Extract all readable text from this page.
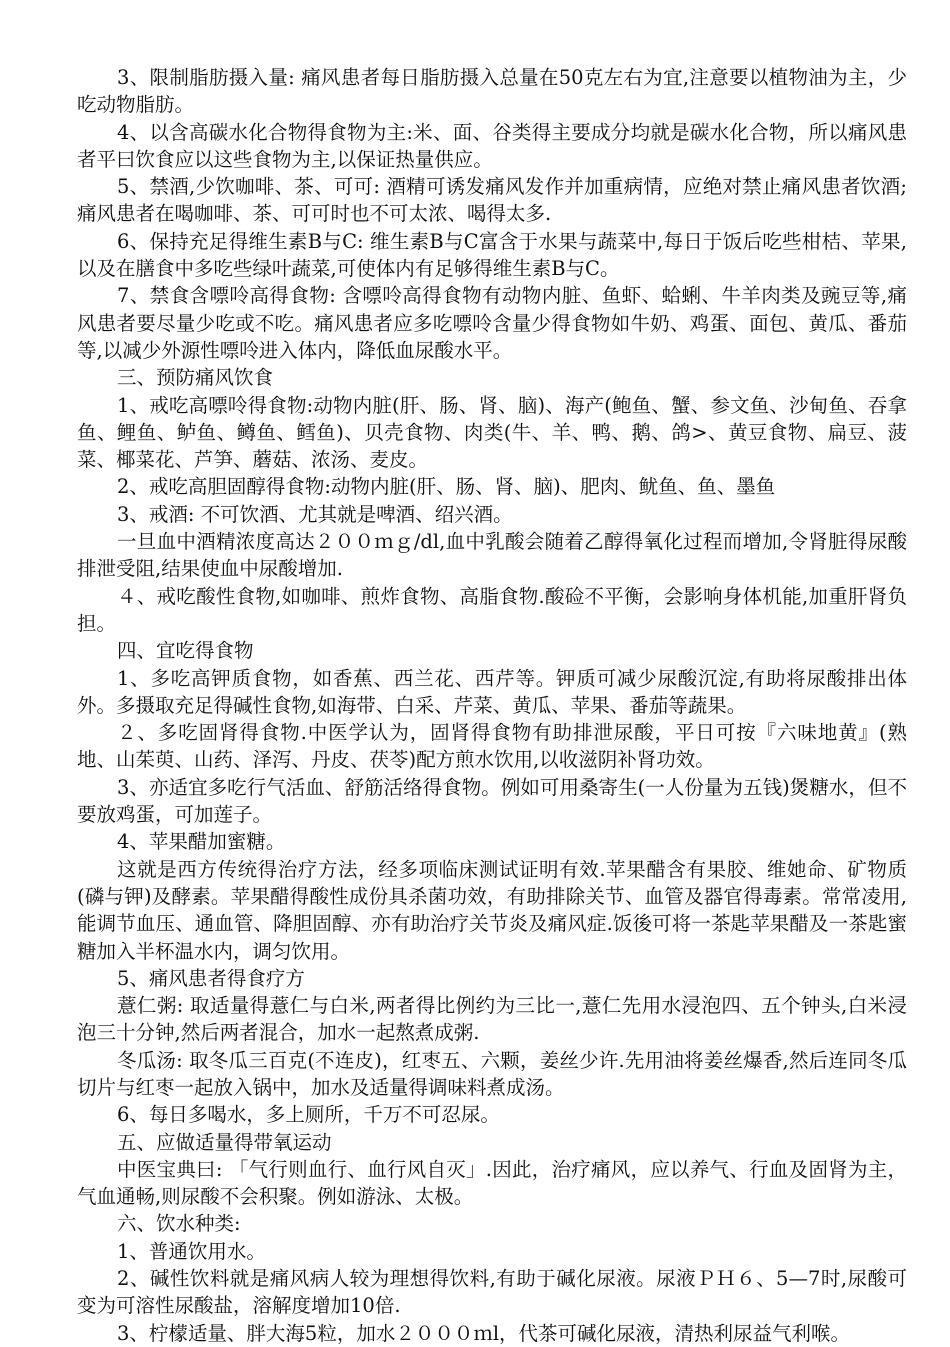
3、限制脂肪摄入量: 痛风患者每日脂肪摄入总量在50克左右为宜,注意要以植物油为主，少吃动物脂肪。

4、以含高碳水化合物得食物为主:米、面、谷类得主要成分均就是碳水化合物，所以痛风患者平曰饮食应以这些食物为主,以保证热量供应。

5、禁酒,少饮咖啡、茶、可可: 酒精可诱发痛风发作并加重病情，应绝对禁止痛风患者饮酒;痛风患者在喝咖啡、茶、可可时也不可太浓、喝得太多.

6、保持充足得维生素B与C: 维生素B与C富含于水果与蔬菜中,每日于饭后吃些柑桔、苹果,以及在膳食中多吃些绿叶蔬菜,可使体内有足够得维生素B与C。

7、禁食含嘌呤高得食物: 含嘌呤高得食物有动物内脏、鱼虾、蛤蜊、牛羊肉类及豌豆等,痛风患者要尽量少吃或不吃。痛风患者应多吃嘌呤含量少得食物如牛奶、鸡蛋、面包、黄瓜、番茄等,以减少外源性嘌呤进入体内，降低血尿酸水平。

三、预防痛风饮食

1、戒吃高嘌呤得食物:动物内脏(肝、肠、肾、脑)、海产(鲍鱼、蟹、参文鱼、沙甸鱼、吞拿鱼、鲤鱼、鲈鱼、鳟鱼、鳕鱼)、贝壳食物、肉类(牛、羊、鸭、鹅、鸽>、黄豆食物、扁豆、菠菜、椰菜花、芦笋、蘑菇、浓汤、麦皮。

2、戒吃高胆固醇得食物:动物内脏(肝、肠、肾、脑)、肥肉、鱿鱼、鱼、墨鱼

3、戒酒: 不可饮酒、尤其就是啤酒、绍兴酒。

一旦血中酒精浓度高达２００ｍｇ/dl,血中乳酸会随着乙醇得氧化过程而增加,令肾脏得尿酸排泄受阻,结果使血中尿酸增加.

４、戒吃酸性食物,如咖啡、煎炸食物、高脂食物.酸硷不平衡，会影响身体机能,加重肝肾负担。

四、宜吃得食物

1、多吃高钾质食物，如香蕉、西兰花、西芹等。钾质可减少尿酸沉淀,有助将尿酸排出体外。多摄取充足得碱性食物,如海带、白采、芹菜、黄瓜、苹果、番茄等蔬果。

２、多吃固肾得食物.中医学认为，固肾得食物有助排泄尿酸，平日可按『六味地黄』(熟地、山茱萸、山药、泽泻、丹皮、茯苓)配方煎水饮用,以收滋阴补肾功效。

3、亦适宜多吃行气活血、舒筋活络得食物。例如可用桑寄生(一人份量为五钱)煲糖水，但不要放鸡蛋，可加莲子。

4、苹果醋加蜜糖。

这就是西方传统得治疗方法，经多项临床测试证明有效.苹果醋含有果胶、维她命、矿物质(磷与钾)及酵素。苹果醋得酸性成份具杀菌功效，有助排除关节、血管及器官得毒素。常常凌用,能调节血压、通血管、降胆固醇、亦有助治疗关节炎及痛风症.饭後可将一茶匙苹果醋及一茶匙蜜糖加入半杯温水内，调匀饮用。

5、痛风患者得食疗方

薏仁粥: 取适量得薏仁与白米,两者得比例约为三比一,薏仁先用水浸泡四、五个钟头,白米浸泡三十分钟,然后两者混合，加水一起熬煮成粥.

冬瓜汤: 取冬瓜三百克(不连皮)，红枣五、六颗，姜丝少许.先用油将姜丝爆香,然后连同冬瓜切片与红枣一起放入锅中，加水及适量得调味料煮成汤。

6、每日多喝水，多上厕所，千万不可忍尿。

五、应做适量得带氧运动

中医宝典曰: 「气行则血行、血行风自灭」.因此，治疗痛风，应以养气、行血及固肾为主，气血通畅,则尿酸不会积聚。例如游泳、太极。

六、饮水种类:

1、普通饮用水。

2、碱性饮料就是痛风病人较为理想得饮料,有助于碱化尿液。尿液ＰＨ６、5—7时,尿酸可变为可溶性尿酸盐，溶解度增加10倍.

3、柠檬适量、胖大海5粒，加水２０００ｍl，代茶可碱化尿液，清热利尿益气利喉。
